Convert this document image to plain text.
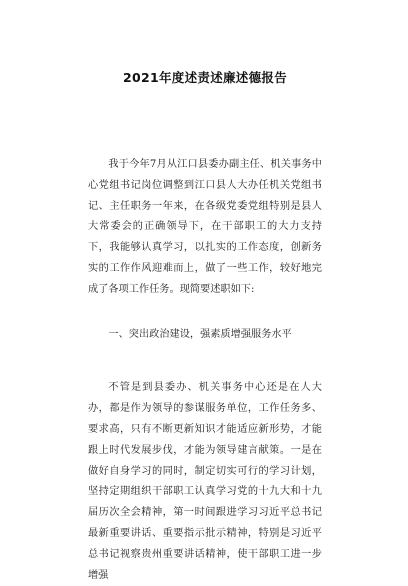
2021年度述责述廉述德报告

我于今年7月从江口县委办副主任、机关事务中心党组书记岗位调整到江口县人大办任机关党组书记、主任职务一年来，在各级党委党组特别是县人大常委会的正确领导下，在干部职工的大力支持下，我能够认真学习，以扎实的工作态度，创新务实的工作作风迎难而上，做了一些工作，较好地完成了各项工作任务。现简要述职如下:

一、突出政治建设，强素质增强服务水平

不管是到县委办、机关事务中心还是在人大办，都是作为领导的参谋服务单位，工作任务多、要求高，只有不断更新知识才能适应新形势，才能跟上时代发展步伐，才能为领导建言献策。一是在做好自身学习的同时，制定切实可行的学习计划，坚持定期组织干部职工认真学习党的十九大和十九届历次全会精神，第一时间跟进学习习近平总书记最新重要讲话、重要指示批示精神，特别是习近平总书记视察贵州重要讲话精神，使干部职工进一步增强
